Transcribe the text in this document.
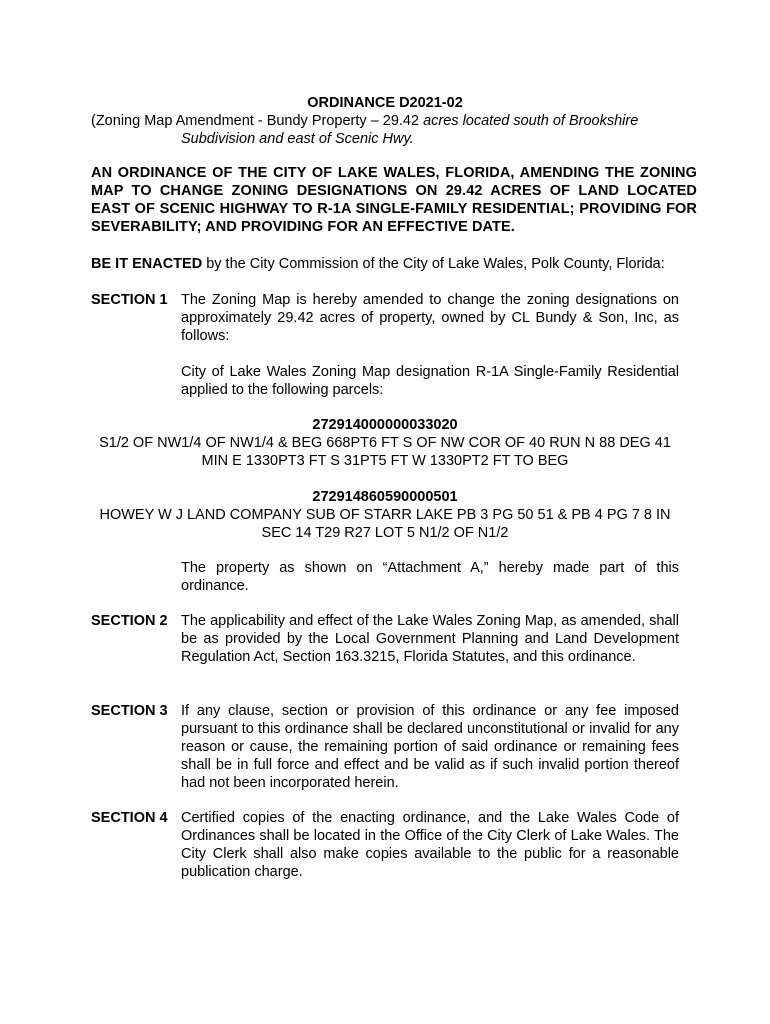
ORDINANCE D2021-02
(Zoning Map Amendment - Bundy Property – 29.42 acres located south of Brookshire
Subdivision and east of Scenic Hwy.
AN ORDINANCE OF THE CITY OF LAKE WALES, FLORIDA, AMENDING THE ZONING MAP TO CHANGE ZONING DESIGNATIONS ON 29.42 ACRES OF LAND LOCATED EAST OF SCENIC HIGHWAY TO R-1A SINGLE-FAMILY RESIDENTIAL; PROVIDING FOR SEVERABILITY; AND PROVIDING FOR AN EFFECTIVE DATE.
BE IT ENACTED by the City Commission of the City of Lake Wales, Polk County, Florida:
SECTION 1 The Zoning Map is hereby amended to change the zoning designations on approximately 29.42 acres of property, owned by CL Bundy & Son, Inc, as follows:
City of Lake Wales Zoning Map designation R-1A Single-Family Residential applied to the following parcels:
272914000000033020
S1/2 OF NW1/4 OF NW1/4 & BEG 668PT6 FT S OF NW COR OF 40 RUN N 88 DEG 41 MIN E 1330PT3 FT S 31PT5 FT W 1330PT2 FT TO BEG
272914860590000501
HOWEY W J LAND COMPANY SUB OF STARR LAKE PB 3 PG 50 51 & PB 4 PG 7 8 IN SEC 14 T29 R27 LOT 5 N1/2 OF N1/2
The property as shown on “Attachment A,” hereby made part of this ordinance.
SECTION 2 The applicability and effect of the Lake Wales Zoning Map, as amended, shall be as provided by the Local Government Planning and Land Development Regulation Act, Section 163.3215, Florida Statutes, and this ordinance.
SECTION 3 If any clause, section or provision of this ordinance or any fee imposed pursuant to this ordinance shall be declared unconstitutional or invalid for any reason or cause, the remaining portion of said ordinance or remaining fees shall be in full force and effect and be valid as if such invalid portion thereof had not been incorporated herein.
SECTION 4 Certified copies of the enacting ordinance, and the Lake Wales Code of Ordinances shall be located in the Office of the City Clerk of Lake Wales. The City Clerk shall also make copies available to the public for a reasonable publication charge.
